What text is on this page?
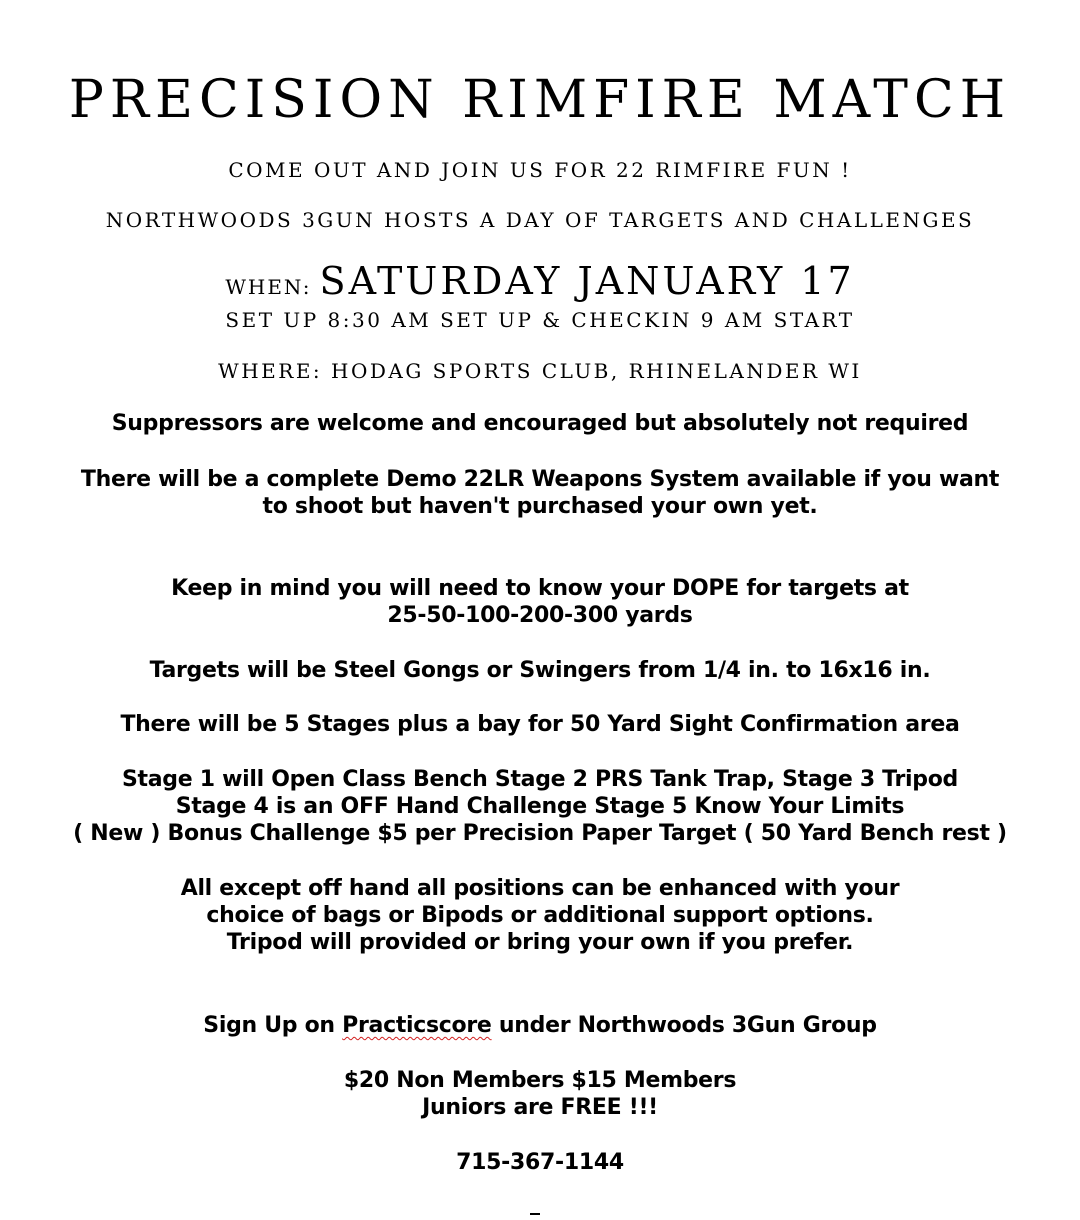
PRECISION RIMFIRE MATCH
COME OUT AND JOIN US FOR 22 RIMFIRE FUN !
NORTHWOODS 3GUN HOSTS A DAY OF TARGETS AND CHALLENGES
WHEN: SATURDAY JANUARY 17
SET UP 8:30 AM SET UP & CHECKIN 9 AM START
WHERE: HODAG SPORTS CLUB, RHINELANDER WI
Suppressors are welcome and encouraged but absolutely not required
There will be a complete Demo 22LR Weapons System available if you want
to shoot but haven't purchased your own yet.
Keep in mind you will need to know your DOPE for targets at
25-50-100-200-300 yards
Targets will be Steel Gongs or Swingers from 1/4 in. to 16x16 in.
There will be 5 Stages plus a bay for 50 Yard Sight Confirmation area
Stage 1 will Open Class Bench Stage 2 PRS Tank Trap, Stage 3 Tripod
Stage 4 is an OFF Hand Challenge Stage 5 Know Your Limits
( New ) Bonus Challenge $5 per Precision Paper Target ( 50 Yard Bench rest )
All except off hand all positions can be enhanced with your
choice of bags or Bipods or additional support options.
Tripod will provided or bring your own if you prefer.
Sign Up on Practicscore under Northwoods 3Gun Group
$20 Non Members $15 Members
Juniors are FREE !!!
715-367-1144
